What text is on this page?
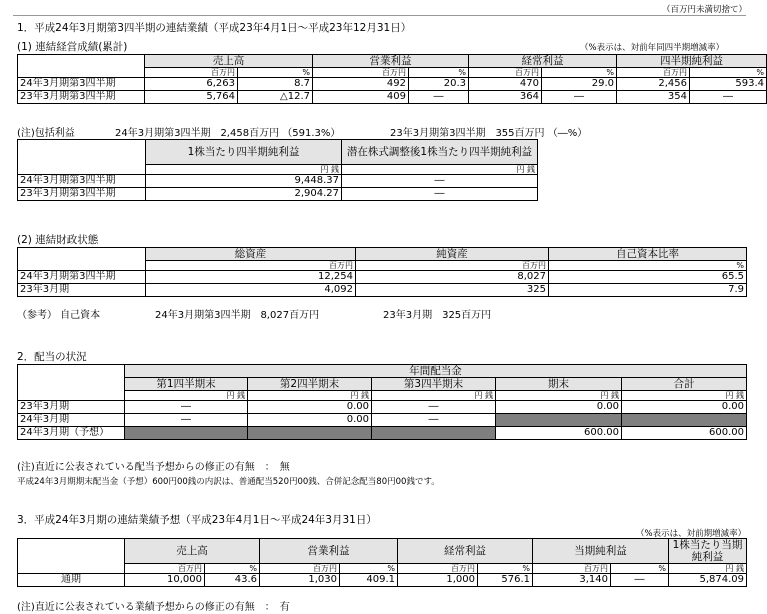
（百万円未満切捨て）
1．平成24年3月期第3四半期の連結業績（平成23年4月1日～平成23年12月31日）
(1) 連結経営成績(累計)	（%表示は、対前年同四半期増減率）
	売上高		営業利益		経常利益		四半期純利益	
	百万円	%	百万円	%	百万円	%	百万円	%
24年3月期第3四半期	6,263	8.7	492	20.3	470	29.0	2,456	593.4
23年3月期第3四半期	5,764	△12.7	409	―	364	―	354	―
(注)包括利益	24年3月期第3四半期　2,458百万円 （591.3%）	23年3月期第3四半期　355百万円 （―%）
	1株当たり四半期純利益	潜在株式調整後1株当たり四半期純利益
	円 銭	円 銭
24年3月期第3四半期	9,448.37	―
23年3月期第3四半期	2,904.27	―
(2) 連結財政状態
	総資産	純資産	自己資本比率
	百万円	百万円	%
24年3月期第3四半期	12,254	8,027	65.5
23年3月期	4,092	325	7.9
（参考） 自己資本	24年3月期第3四半期　8,027百万円	23年3月期　325百万円
2．配当の状況
	年間配当金				
	第1四半期末	第2四半期末	第3四半期末	期末	合計
	円 銭	円 銭	円 銭	円 銭	円 銭
23年3月期	―	0.00	―	0.00	0.00
24年3月期	―	0.00	―		
24年3月期（予想）				600.00	600.00
(注)直近に公表されている配当予想からの修正の有無　：　無
平成24年3月期期末配当金（予想）600円00銭の内訳は、普通配当520円00銭、合併記念配当80円00銭です。
3．平成24年3月期の連結業績予想（平成23年4月1日～平成24年3月31日）
（%表示は、対前期増減率）
	売上高		営業利益		経常利益		当期純利益		1株当たり当期純利益
	百万円	%	百万円	%	百万円	%	百万円	%	円 銭
通期	10,000	43.6	1,030	409.1	1,000	576.1	3,140	―	5,874.09
(注)直近に公表されている業績予想からの修正の有無　：　有
